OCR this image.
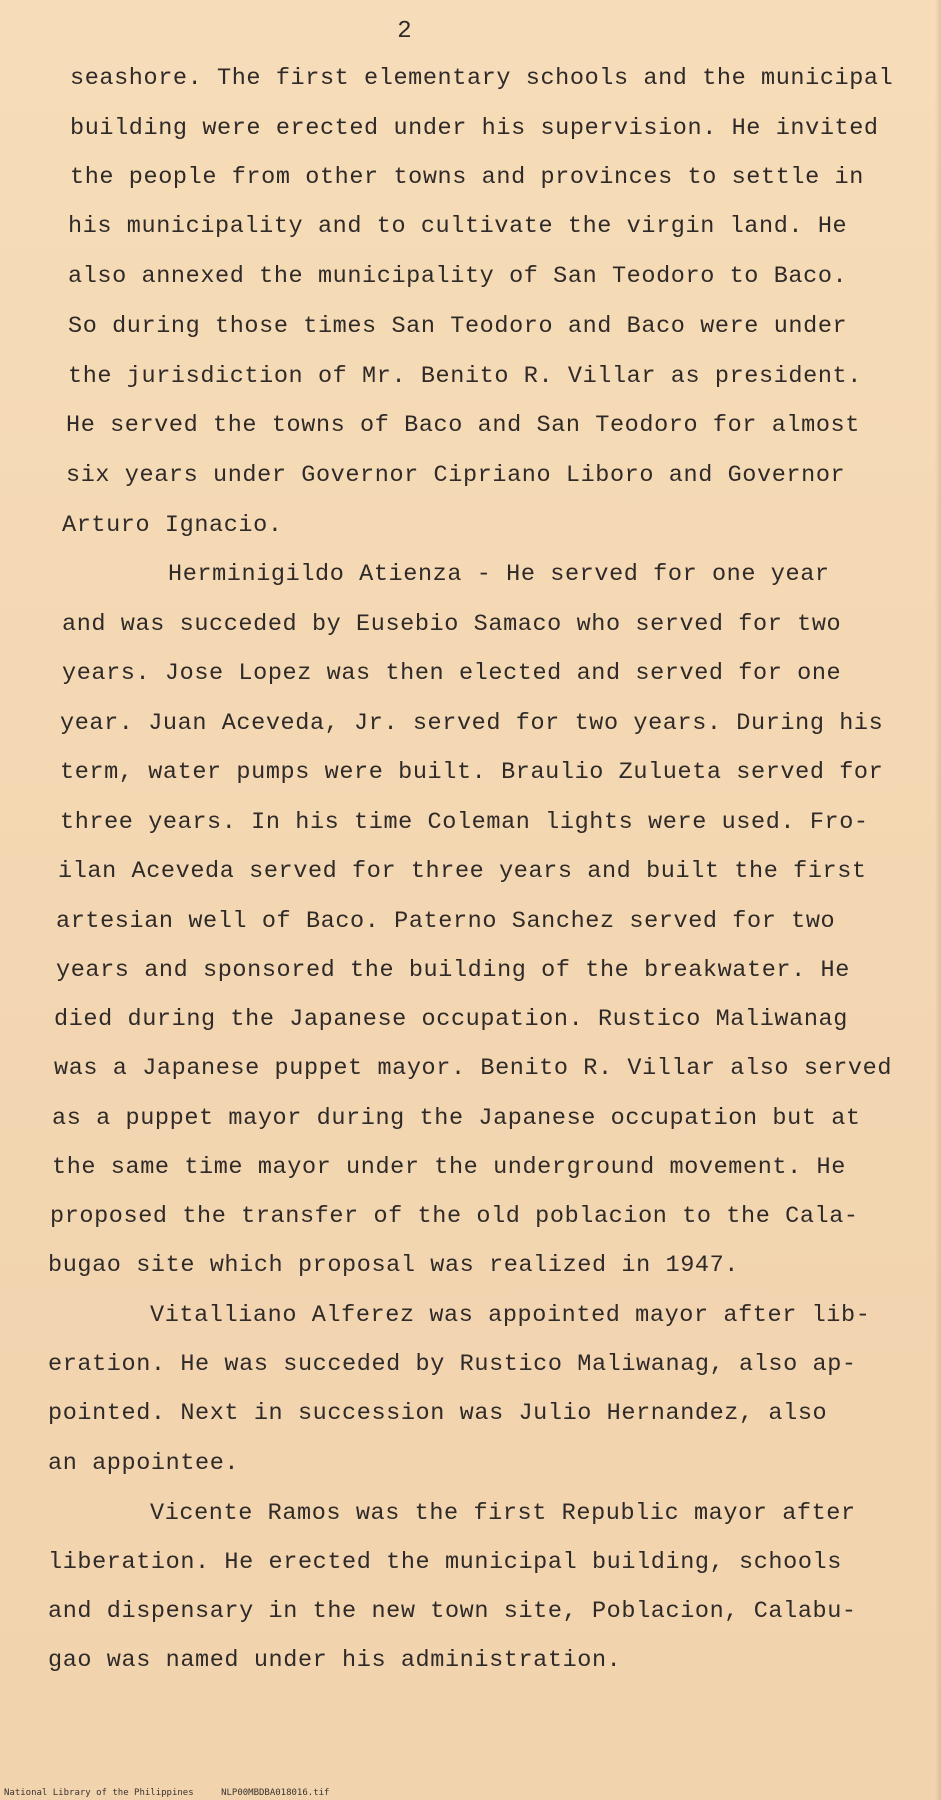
2
seashore. The first elementary schools and the municipal
building were erected under his supervision. He invited
the people from other towns and provinces to settle in
his municipality and to cultivate the virgin land. He
also annexed the municipality of San Teodoro to Baco.
So during those times San Teodoro and Baco were under
the jurisdiction of Mr. Benito R. Villar as president.
He served the towns of Baco and San Teodoro for almost
six years under Governor Cipriano Liboro and Governor
Arturo Ignacio.
Herminigildo Atienza - He served for one year
and was succeded by Eusebio Samaco who served for two
years. Jose Lopez was then elected and served for one
year. Juan Aceveda, Jr. served for two years. During his
term, water pumps were built. Braulio Zulueta served for
three years. In his time Coleman lights were used. Fro-
ilan Aceveda served for three years and built the first
artesian well of Baco. Paterno Sanchez served for two
years and sponsored the building of the breakwater. He
died during the Japanese occupation. Rustico Maliwanag
was a Japanese puppet mayor. Benito R. Villar also served
as a puppet mayor during the Japanese occupation but at
the same time mayor under the underground movement. He
proposed the transfer of the old poblacion to the Cala-
bugao site which proposal was realized in 1947.
Vitalliano Alferez was appointed mayor after lib-
eration. He was succeded by Rustico Maliwanag, also ap-
pointed. Next in succession was Julio Hernandez, also
an appointee.
Vicente Ramos was the first Republic mayor after
liberation. He erected the municipal building, schools
and dispensary in the new town site, Poblacion, Calabu-
gao was named under his administration.
National Library of the Philippines	NLP00MBDBA018016.tif
